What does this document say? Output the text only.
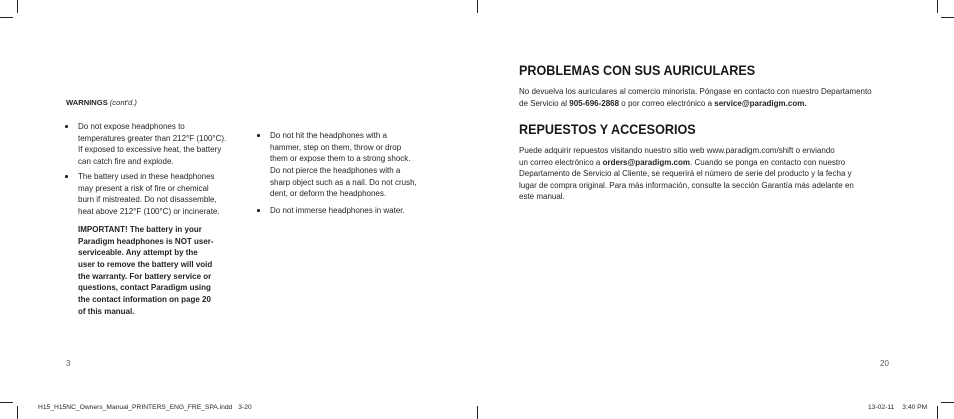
WARNINGS (cont'd.)
Do not expose headphones to
temperatures greater than 212°F (100°C).
If exposed to excessive heat, the battery
can catch fire and explode.
The battery used in these headphones
may present a risk of fire or chemical
burn if mistreated. Do not disassemble,
heat above 212°F (100°C) or incinerate.
IMPORTANT! The battery in your
Paradigm headphones is NOT user-
serviceable. Any attempt by the
user to remove the battery will void
the warranty. For battery service or
questions, contact Paradigm using
the contact information on page 20
of this manual.
Do not hit the headphones with a
hammer, step on them, throw or drop
them or expose them to a strong shock.
Do not pierce the headphones with a
sharp object such as a nail. Do not crush,
dent, or deform the headphones.
Do not immerse headphones in water.
3
PROBLEMAS CON SUS AURICULARES
No devuelva los auriculares al comercio minorista. Póngase en contacto con nuestro Departamento
de Servicio al 905-696-2868 o por correo electrónico a service@paradigm.com.
REPUESTOS Y ACCESORIOS
Puede adquirir repuestos visitando nuestro sitio web www.paradigm.com/shift o enviando
un correo electrónico a orders@paradigm.com. Cuando se ponga en contacto con nuestro
Departamento de Servicio al Cliente, se requerirá el número de serie del producto y la fecha y
lugar de compra original. Para más información, consulte la sección Garantía más adelante en
este manual.
20
H15_H15NC_Owners_Manual_PRINTERS_ENG_FRE_SPA.indd 3-20	13-02-11 3:40 PM
